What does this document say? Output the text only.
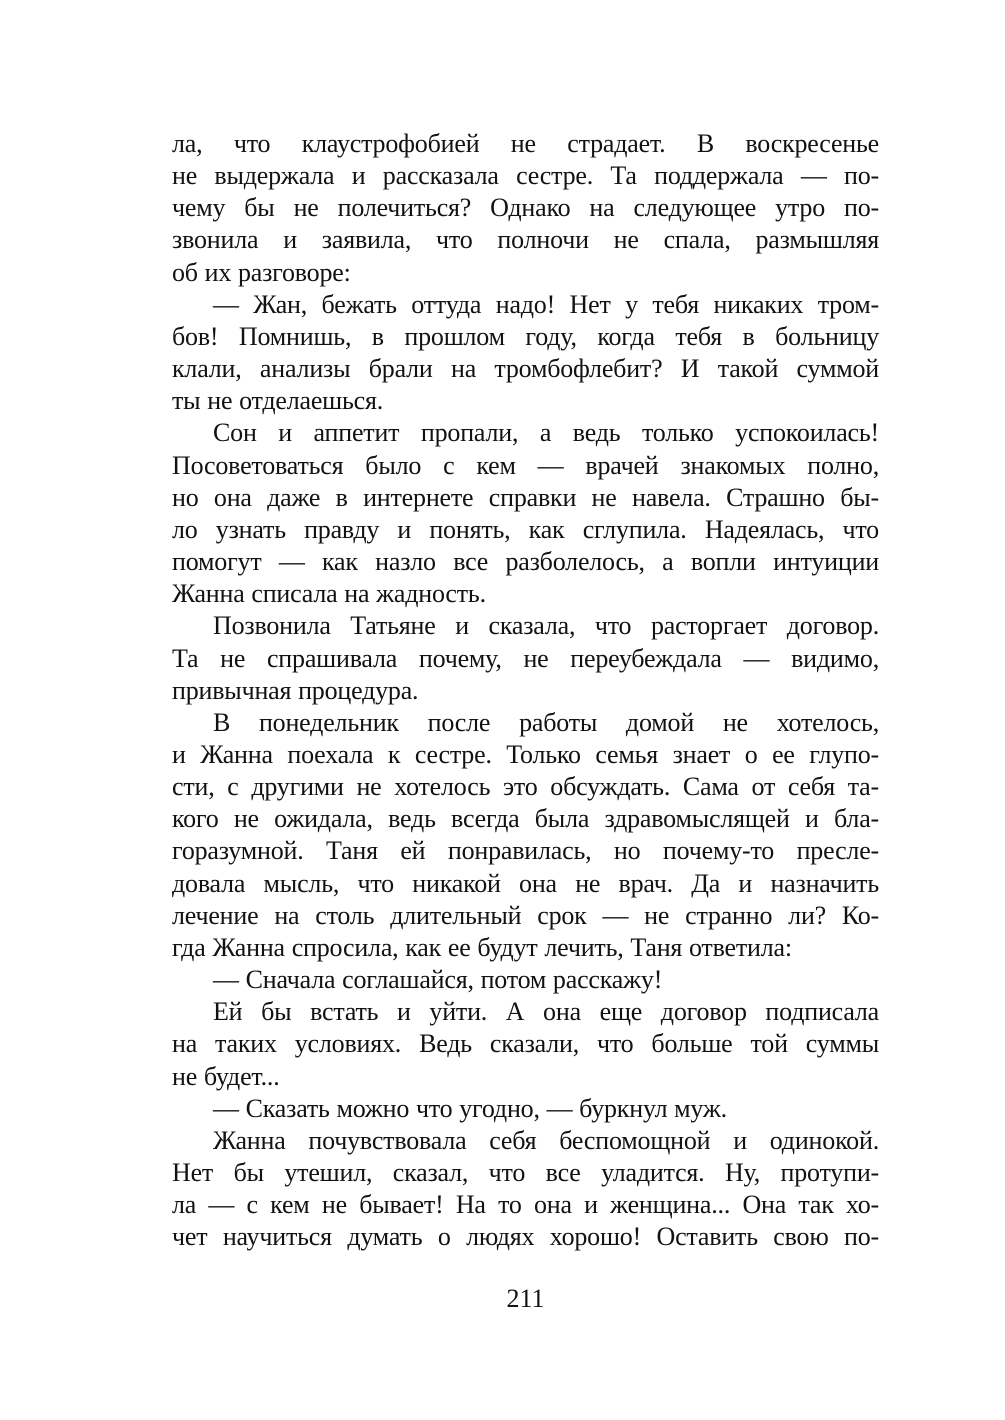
ла, что клаустрофобией не страдает. В воскресенье
не выдержала и рассказала сестре. Та поддержала — по-
чему бы не полечиться? Однако на следующее утро по-
звонила и заявила, что полночи не спала, размышляя
об их разговоре:
— Жан, бежать оттуда надо! Нет у тебя никаких тром-
бов! Помнишь, в прошлом году, когда тебя в больницу
клали, анализы брали на тромбофлебит? И такой суммой
ты не отделаешься.
Сон и аппетит пропали, а ведь только успокоилась!
Посоветоваться было с кем — врачей знакомых полно,
но она даже в интернете справки не навела. Страшно бы-
ло узнать правду и понять, как сглупила. Надеялась, что
помогут — как назло все разболелось, а вопли интуиции
Жанна списала на жадность.
Позвонила Татьяне и сказала, что расторгает договор.
Та не спрашивала почему, не переубеждала — видимо,
привычная процедура.
В понедельник после работы домой не хотелось,
и Жанна поехала к сестре. Только семья знает о ее глупо-
сти, с другими не хотелось это обсуждать. Сама от себя та-
кого не ожидала, ведь всегда была здравомыслящей и бла-
горазумной. Таня ей понравилась, но почему-то пресле-
довала мысль, что никакой она не врач. Да и назначить
лечение на столь длительный срок — не странно ли? Ко-
гда Жанна спросила, как ее будут лечить, Таня ответила:
— Сначала соглашайся, потом расскажу!
Ей бы встать и уйти. А она еще договор подписала
на таких условиях. Ведь сказали, что больше той суммы
не будет...
— Сказать можно что угодно, — буркнул муж.
Жанна почувствовала себя беспомощной и одинокой.
Нет бы утешил, сказал, что все уладится. Ну, протупи-
ла — с кем не бывает! На то она и женщина... Она так хо-
чет научиться думать о людях хорошо! Оставить свою по-
211
